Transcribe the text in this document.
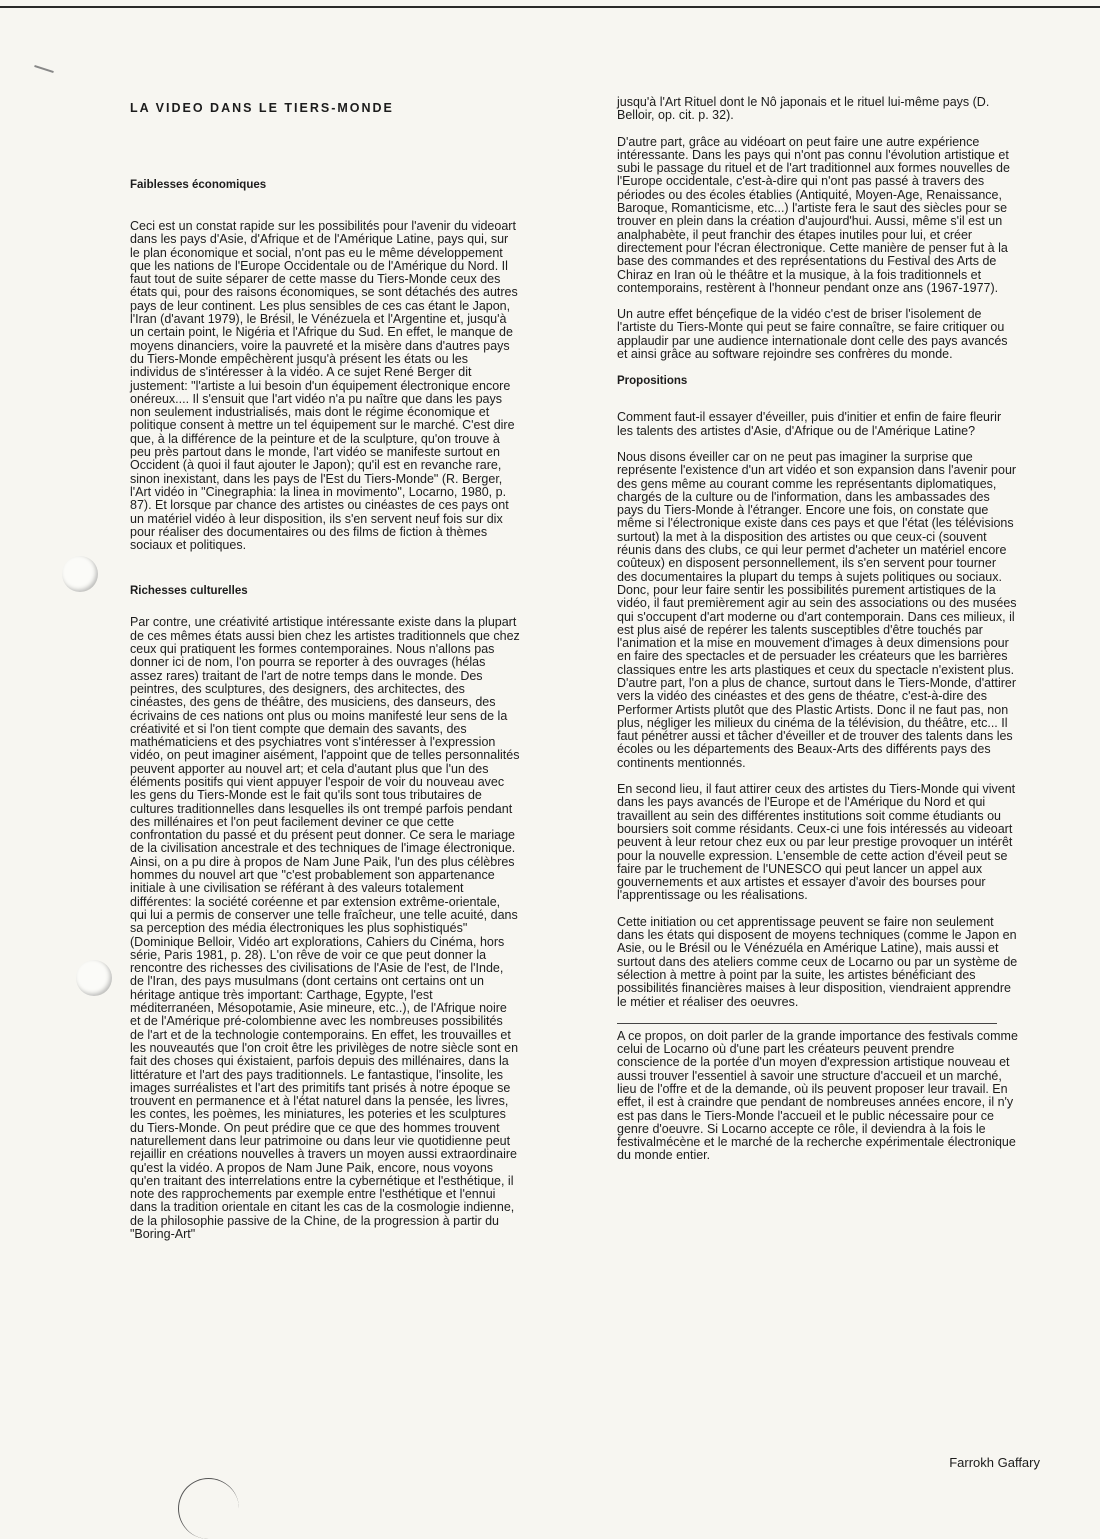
LA VIDEO DANS LE TIERS-MONDE
Faiblesses économiques

Ceci est un constat rapide sur les possibilités pour l'avenir du videoart dans les pays d'Asie, d'Afrique et de l'Amérique Latine, pays qui, sur le plan économique et social, n'ont pas eu le même développement que les nations de l'Europe Occidentale ou de l'Amérique du Nord. Il faut tout de suite séparer de cette masse du Tiers-Monde ceux des états qui, pour des raisons économiques, se sont détachés des autres pays de leur continent. Les plus sensibles de ces cas étant le Japon, l'Iran (d'avant 1979), le Brésil, le Vénézuela et l'Argentine et, jusqu'à un certain point, le Nigéria et l'Afrique du Sud. En effet, le manque de moyens dinanciers, voire la pauvreté et la misère dans d'autres pays du Tiers-Monde empêchèrent jusqu'à présent les états ou les individus de s'intéresser à la vidéo. A ce sujet René Berger dit justement: "l'artiste a lui besoin d'un équipement électronique encore onéreux.... Il s'ensuit que l'art vidéo n'a pu naître que dans les pays non seulement industrialisés, mais dont le régime économique et politique consent à mettre un tel équipement sur le marché. C'est dire que, à la différence de la peinture et de la sculpture, qu'on trouve à peu près partout dans le monde, l'art vidéo se manifeste surtout en Occident (à quoi il faut ajouter le Japon); qu'il est en revanche rare, sinon inexistant, dans les pays de l'Est du Tiers-Monde" (R. Berger, l'Art vidéo in "Cinegraphia: la linea in movimento", Locarno, 1980, p. 87). Et lorsque par chance des artistes ou cinéastes de ces pays ont un matériel vidéo à leur disposition, ils s'en servent neuf fois sur dix pour réaliser des documentaires ou des films de fiction à thèmes sociaux et politiques.

Richesses culturelles

Par contre, une créativité artistique intéressante existe dans la plupart de ces mêmes états aussi bien chez les artistes traditionnels que chez ceux qui pratiquent les formes contemporaines. Nous n'allons pas donner ici de nom, l'on pourra se reporter à des ouvrages (hélas assez rares) traitant de l'art de notre temps dans le monde. Des peintres, des sculptures, des designers, des architectes, des cinéastes, des gens de théâtre, des musiciens, des danseurs, des écrivains de ces nations ont plus ou moins manifesté leur sens de la créativité et si l'on tient compte que demain des savants, des mathématiciens et des psychiatres vont s'intéresser à l'expression vidéo, on peut imaginer aisément, l'appoint que de telles personnalités peuvent apporter au nouvel art; et cela d'autant plus que l'un des éléments positifs qui vient appuyer l'espoir de voir du nouveau avec les gens du Tiers-Monde est le fait qu'ils sont tous tributaires de cultures traditionnelles dans lesquelles ils ont trempé parfois pendant des millénaires et l'on peut facilement deviner ce que cette confrontation du passé et du présent peut donner. Ce sera le mariage de la civilisation ancestrale et des techniques de l'image électronique. Ainsi, on a pu dire à propos de Nam June Paik, l'un des plus célèbres hommes du nouvel art que "c'est probablement son appartenance initiale à une civilisation se référant à des valeurs totalement différentes: la société coréenne et par extension extrême-orientale, qui lui a permis de conserver une telle fraîcheur, une telle acuité, dans sa perception des média électroniques les plus sophistiqués" (Dominique Belloir, Vidéo art explorations, Cahiers du Cinéma, hors série, Paris 1981, p. 28). L'on rêve de voir ce que peut donner la rencontre des richesses des civilisations de l'Asie de l'est, de l'Inde, de l'Iran, des pays musulmans (dont certains ont certains ont un héritage antique très important: Carthage, Egypte, l'est méditerranéen, Mésopotamie, Asie mineure, etc..), de l'Afrique noire et de l'Amérique pré-colombienne avec les nombreuses possibilités de l'art et de la technologie contemporains. En effet, les trouvailles et les nouveautés que l'on croit être les privilèges de notre siècle sont en fait des choses qui éxistaient, parfois depuis des millénaires, dans la littérature et l'art des pays traditionnels. Le fantastique, l'insolite, les images surréalistes et l'art des primitifs tant prisés à notre époque se trouvent en permanence et à l'état naturel dans la pensée, les livres, les contes, les poèmes, les miniatures, les poteries et les sculptures du Tiers-Monde. On peut prédire que ce que des hommes trouvent naturellement dans leur patrimoine ou dans leur vie quotidienne peut rejaillir en créations nouvelles à travers un moyen aussi extraordinaire qu'est la vidéo. A propos de Nam June Paik, encore, nous voyons qu'en traitant des interrelations entre la cybernétique et l'esthétique, il note des rapprochements par exemple entre l'esthétique et l'ennui dans la tradition orientale en citant les cas de la cosmologie indienne, de la philosophie passive de la Chine, de la progression à partir du "Boring-Art"

jusqu'à l'Art Rituel dont le Nô japonais et le rituel lui-même pays (D. Belloir, op. cit. p. 32).

D'autre part, grâce au vidéoart on peut faire une autre expérience intéressante. Dans les pays qui n'ont pas connu l'évolution artistique et subi le passage du rituel et de l'art traditionnel aux formes nouvelles de l'Europe occidentale, c'est-à-dire qui n'ont pas passé à travers des périodes ou des écoles établies (Antiquité, Moyen-Age, Renaissance, Baroque, Romanticisme, etc...) l'artiste fera le saut des siècles pour se trouver en plein dans la création d'aujourd'hui. Aussi, même s'il est un analphabète, il peut franchir des étapes inutiles pour lui, et créer directement pour l'écran électronique. Cette manière de penser fut à la base des commandes et des représentations du Festival des Arts de Chiraz en Iran où le théâtre et la musique, à la fois traditionnels et contemporains, restèrent à l'honneur pendant onze ans (1967-1977).

Un autre effet bénçefique de la vidéo c'est de briser l'isolement de l'artiste du Tiers-Monte qui peut se faire connaître, se faire critiquer ou applaudir par une audience internationale dont celle des pays avancés et ainsi grâce au software rejoindre ses confrères du monde.

Propositions

Comment faut-il essayer d'éveiller, puis d'initier et enfin de faire fleurir les talents des artistes d'Asie, d'Afrique ou de l'Amérique Latine?

Nous disons éveiller car on ne peut pas imaginer la surprise que représente l'existence d'un art vidéo et son expansion dans l'avenir pour des gens même au courant comme les représentants diplomatiques, chargés de la culture ou de l'information, dans les ambassades des pays du Tiers-Monde à l'étranger. Encore une fois, on constate que même si l'électronique existe dans ces pays et que l'état (les télévisions surtout) la met à la disposition des artistes ou que ceux-ci (souvent réunis dans des clubs, ce qui leur permet d'acheter un matériel encore coûteux) en disposent personnellement, ils s'en servent pour tourner des documentaires la plupart du temps à sujets politiques ou sociaux. Donc, pour leur faire sentir les possibilités purement artistiques de la vidéo, il faut premièrement agir au sein des associations ou des musées qui s'occupent d'art moderne ou d'art contemporain. Dans ces milieux, il est plus aisé de repérer les talents susceptibles d'être touchés par l'animation et la mise en mouvement d'images à deux dimensions pour en faire des spectacles et de persuader les créateurs que les barrières classiques entre les arts plastiques et ceux du spectacle n'existent plus. D'autre part, l'on a plus de chance, surtout dans le Tiers-Monde, d'attirer vers la vidéo des cinéastes et des gens de théatre, c'est-à-dire des Performer Artists plutôt que des Plastic Artists. Donc il ne faut pas, non plus, négliger les milieux du cinéma de la télévision, du théâtre, etc... Il faut pénétrer aussi et tâcher d'éveiller et de trouver des talents dans les écoles ou les départements des Beaux-Arts des différents pays des continents mentionnés.

En second lieu, il faut attirer ceux des artistes du Tiers-Monde qui vivent dans les pays avancés de l'Europe et de l'Amérique du Nord et qui travaillent au sein des différentes institutions soit comme étudiants ou boursiers soit comme résidants. Ceux-ci une fois intéressés au videoart peuvent à leur retour chez eux ou par leur prestige provoquer un intérêt pour la nouvelle expression. L'ensemble de cette action d'éveil peut se faire par le truchement de l'UNESCO qui peut lancer un appel aux gouvernements et aux artistes et essayer d'avoir des bourses pour l'apprentissage ou les réalisations.

Cette initiation ou cet apprentissage peuvent se faire non seulement dans les états qui disposent de moyens techniques (comme le Japon en Asie, ou le Brésil ou le Vénézuéla en Amérique Latine), mais aussi et surtout dans des ateliers comme ceux de Locarno ou par un système de sélection à mettre à point par la suite, les artistes bénéficiant des possibilités financières maises à leur disposition, viendraient apprendre le métier et réaliser des oeuvres.

A ce propos, on doit parler de la grande importance des festivals comme celui de Locarno où d'une part les créateurs peuvent prendre conscience de la portée d'un moyen d'expression artistique nouveau et aussi trouver l'essentiel à savoir une structure d'accueil et un marché, lieu de l'offre et de la demande, où ils peuvent proposer leur travail. En effet, il est à craindre que pendant de nombreuses années encore, il n'y est pas dans le Tiers-Monde l'accueil et le public nécessaire pour ce genre d'oeuvre. Si Locarno accepte ce rôle, il deviendra à la fois le festivalmécène et le marché de la recherche expérimentale électronique du monde entier.

Farrokh Gaffary
